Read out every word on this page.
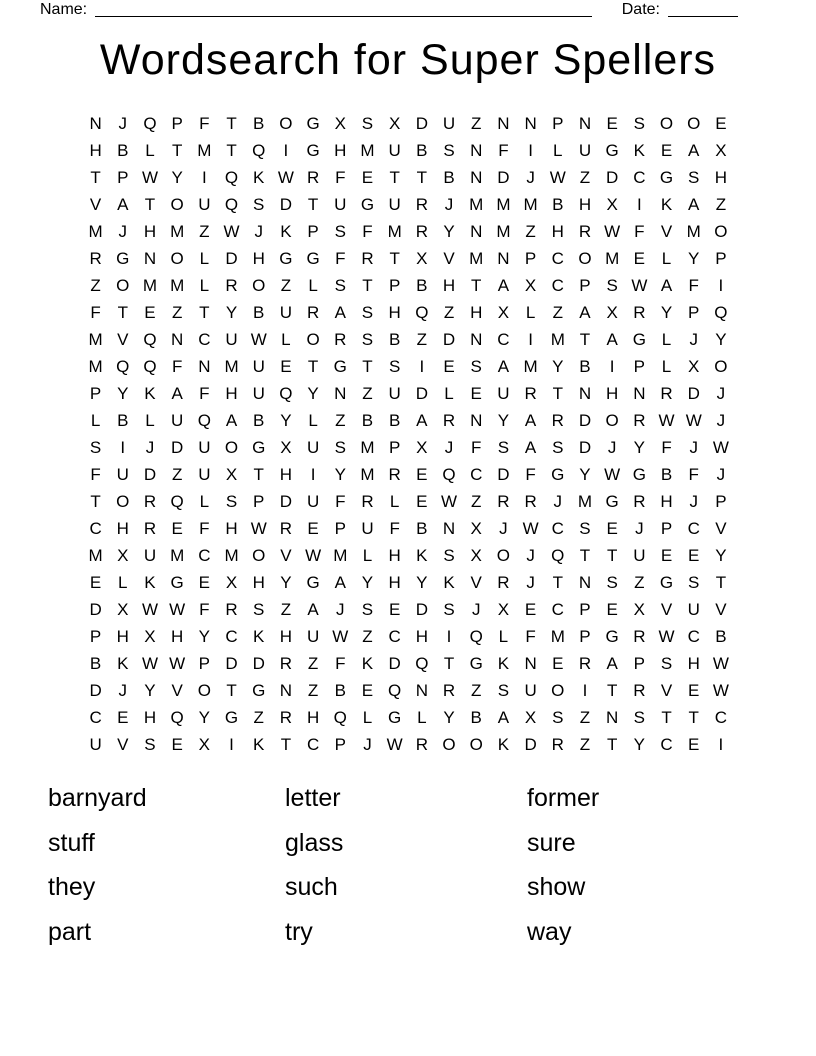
Name:	Date:
Wordsearch for Super Spellers
N J Q P F T B O G X S X D U Z N N P N E S O O E
H B L	T M T Q	I	G H M U B S N F	I	L U G K E A X
T P W Y	I	Q K W R F E T T B N D J W Z D C G S H
V A T O U Q S D T U G U R J M M M B H X	I	K A Z
M J H M Z W J	K P S F M R Y N M Z H R W F V M O
R G N O L D H G G F R T X V M N P C O M E L Y P
Z O M M L R O Z	L S T P B H T A X C P S W A F	I
F T E Z T Y B U R A S H Q Z H X L	Z A X R Y P Q
M V Q N C U W L O R S B Z D N C	I	M T A G L	J	Y
M Q Q F N M U E T G T S	I	E S A M Y B	I	P L X O
P Y K A F H U Q Y N Z U D L E U R T N H N R D J
L B L U Q A B Y L	Z B B A R N Y A R D O R W W J
S	I	J D U O G X U S M P X	J	F S A S D J	Y F	J W
F U D Z U X T H	I	Y M R E Q C D F G Y W G B F	J
T O R Q L S P D U F R L E W Z R R J M G R H J	P
C H R E F H W R E P U F B N X	J W C S E	J	P C V
M X U M C M O V W M L H K S X O J Q T T U E E Y
E L K G E X H Y G A Y H Y K V R J	T N S Z G S T
D X W W F R S Z A	J	S E D S	J	X E C P E X V U V
P H X H Y C K H U W Z C H	I	Q L	F M P G R W C B
B K W W P D D R Z F K D Q T G K N E R A P S H W
D J	Y V O T G N Z B E Q N R Z S U O	I	T R V E W
C E H Q Y G Z R H Q L G L Y B A X S Z N S T T C
U V S E X	I	K T C P	J W R O O K D R Z T Y C E	I
barnyard
stuff
they
part
letter
glass
such
try
former
sure
show
way
